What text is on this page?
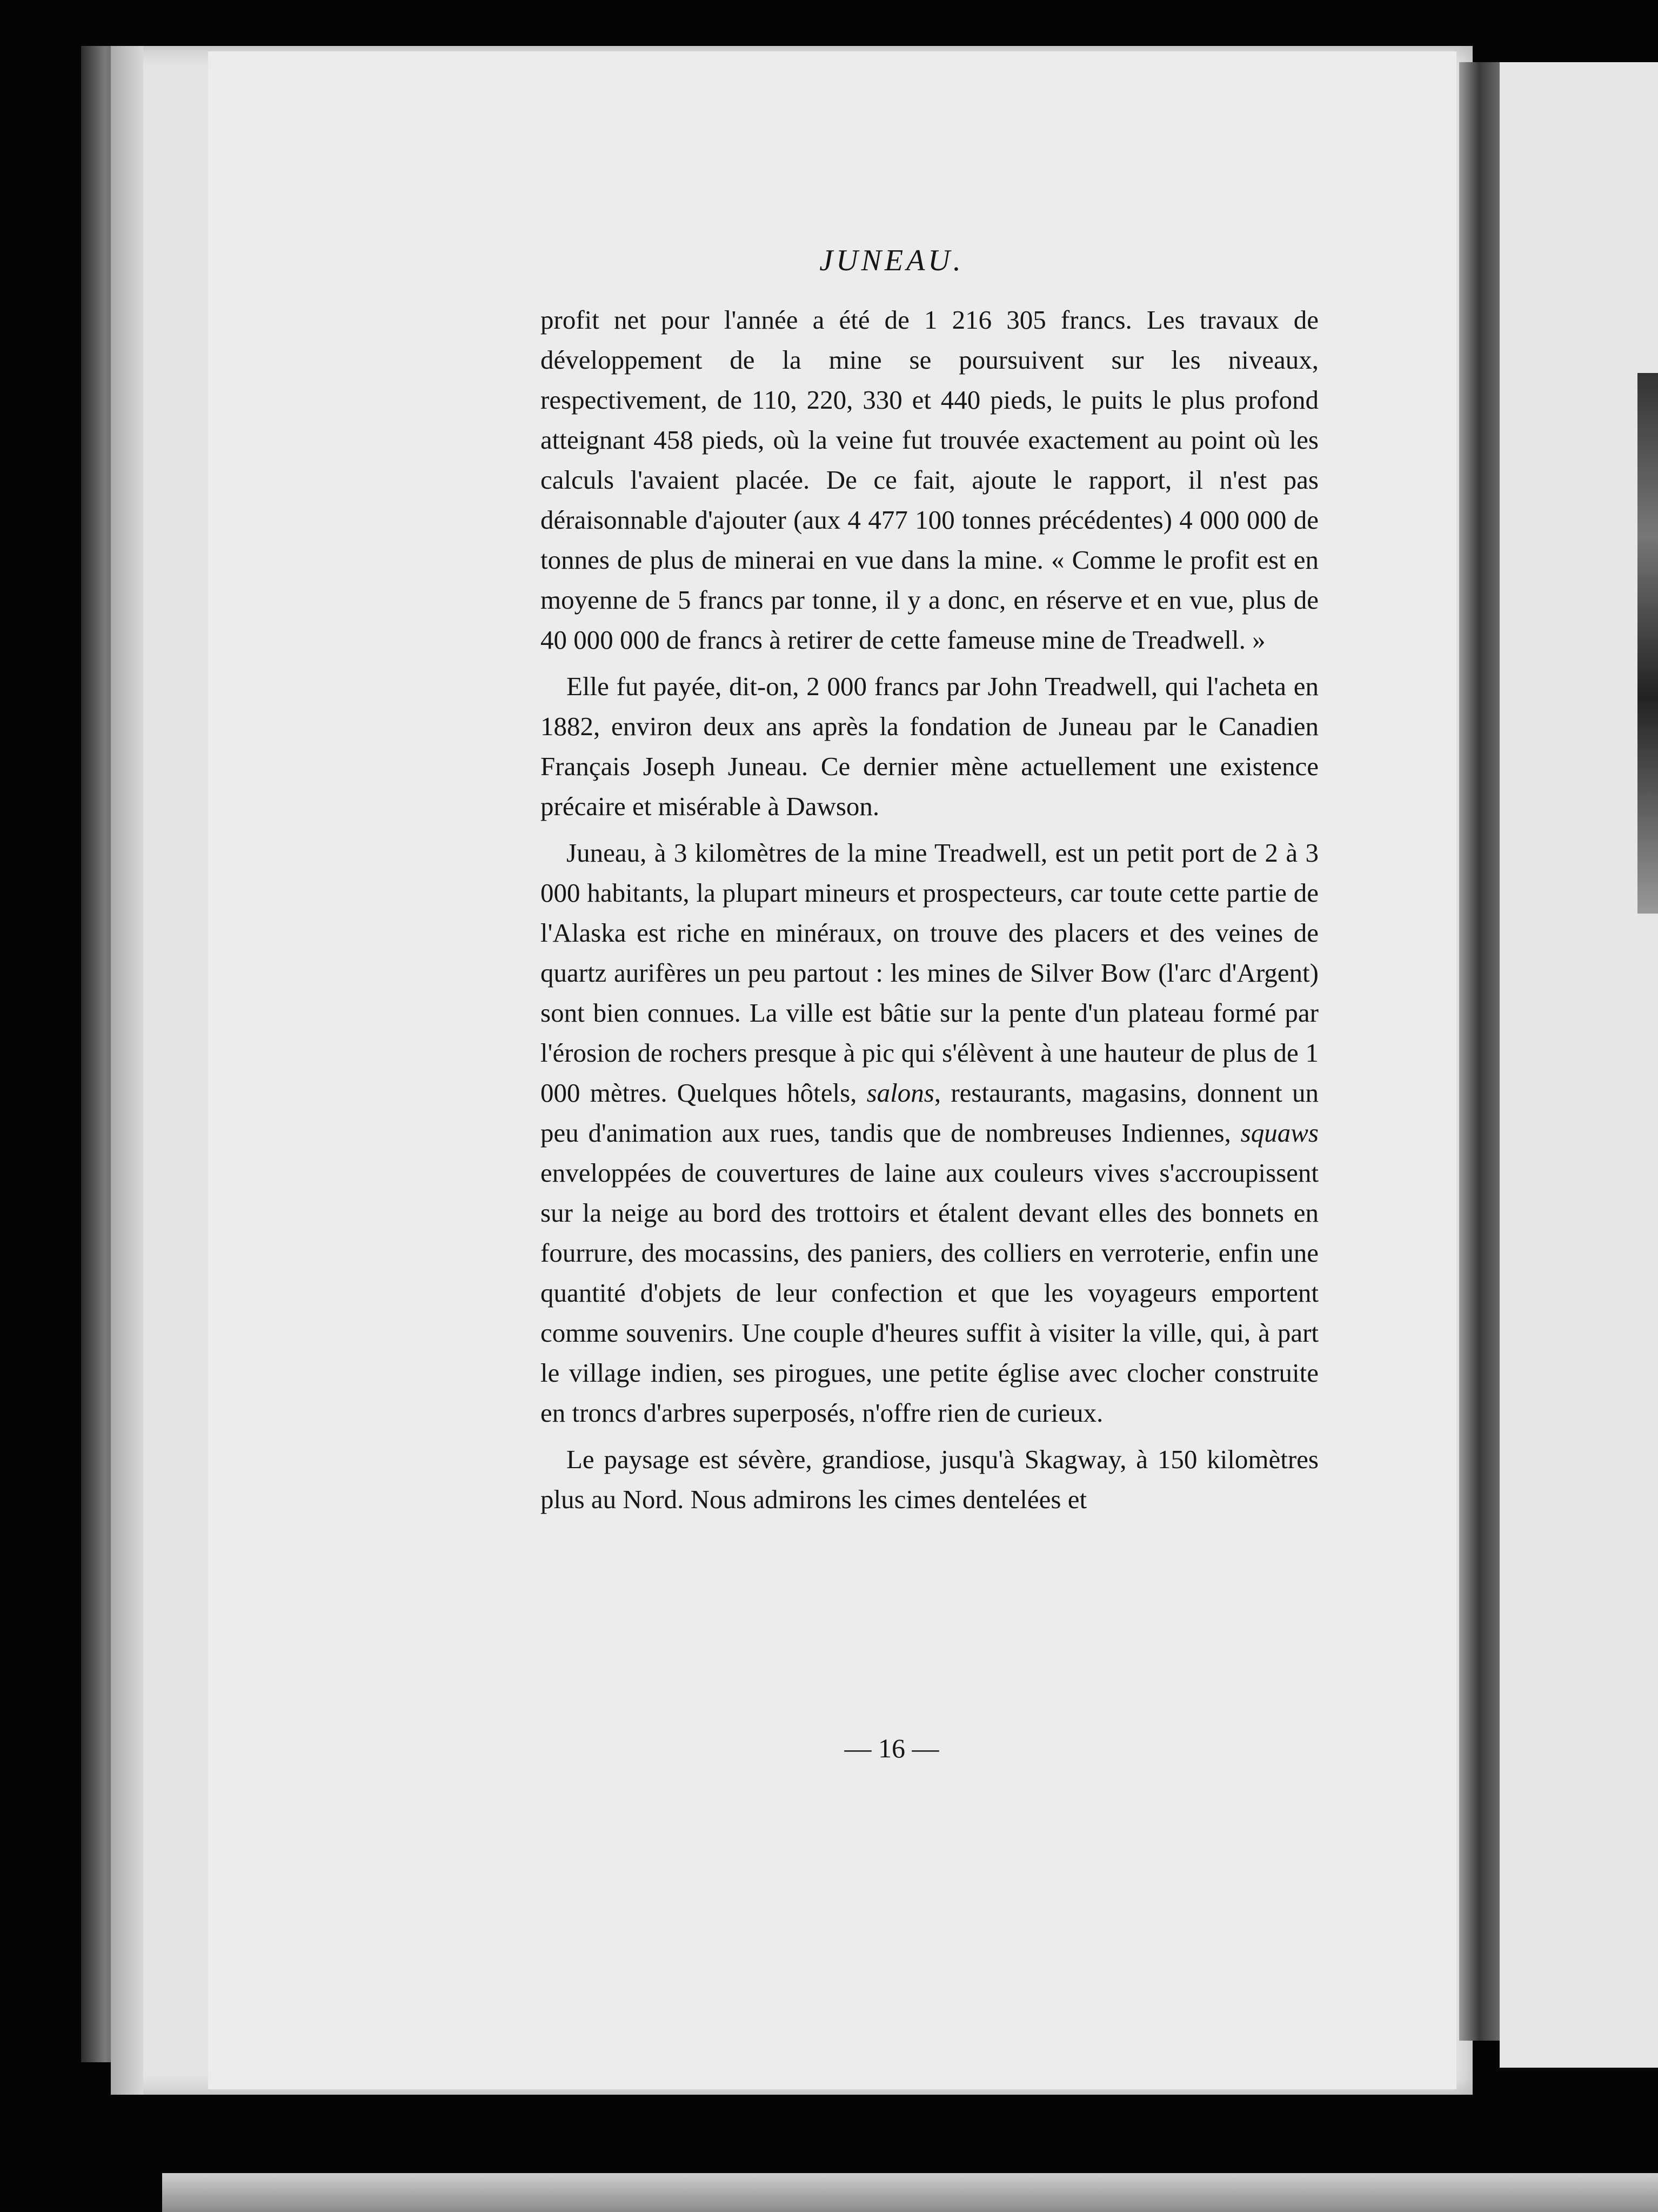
JUNEAU.

profit net pour l'année a été de 1 216 305 francs. Les travaux de développement de la mine se poursuivent sur les niveaux, respectivement, de 110, 220, 330 et 440 pieds, le puits le plus profond atteignant 458 pieds, où la veine fut trouvée exactement au point où les calculs l'avaient placée. De ce fait, ajoute le rapport, il n'est pas déraisonnable d'ajouter (aux 4 477 100 tonnes précédentes) 4 000 000 de tonnes de plus de minerai en vue dans la mine. « Comme le profit est en moyenne de 5 francs par tonne, il y a donc, en réserve et en vue, plus de 40 000 000 de francs à retirer de cette fameuse mine de Treadwell. »

Elle fut payée, dit-on, 2 000 francs par John Treadwell, qui l'acheta en 1882, environ deux ans après la fondation de Juneau par le Canadien Français Joseph Juneau. Ce dernier mène actuellement une existence précaire et misérable à Dawson.

Juneau, à 3 kilomètres de la mine Treadwell, est un petit port de 2 à 3 000 habitants, la plupart mineurs et prospecteurs, car toute cette partie de l'Alaska est riche en minéraux, on trouve des placers et des veines de quartz aurifères un peu partout : les mines de Silver Bow (l'arc d'Argent) sont bien connues. La ville est bâtie sur la pente d'un plateau formé par l'érosion de rochers presque à pic qui s'élèvent à une hauteur de plus de 1 000 mètres. Quelques hôtels, salons, restaurants, magasins, donnent un peu d'animation aux rues, tandis que de nombreuses Indiennes, squaws enveloppées de couvertures de laine aux couleurs vives s'accroupissent sur la neige au bord des trottoirs et étalent devant elles des bonnets en fourrure, des mocassins, des paniers, des colliers en verroterie, enfin une quantité d'objets de leur confection et que les voyageurs emportent comme souvenirs. Une couple d'heures suffit à visiter la ville, qui, à part le village indien, ses pirogues, une petite église avec clocher construite en troncs d'arbres superposés, n'offre rien de curieux.

Le paysage est sévère, grandiose, jusqu'à Skagway, à 150 kilomètres plus au Nord. Nous admirons les cimes dentelées et

— 16 —
